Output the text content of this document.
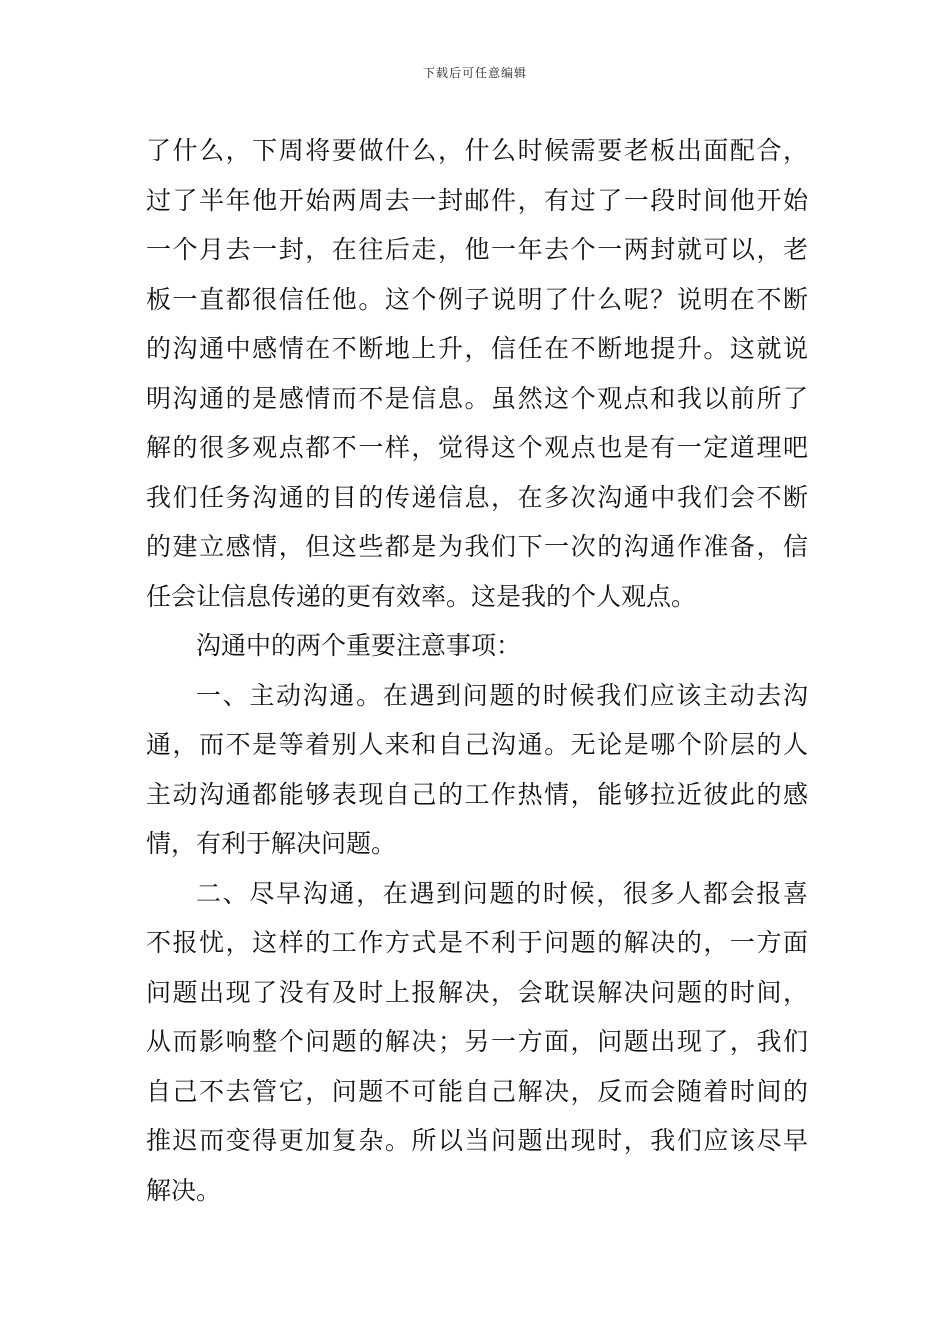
下载后可任意编辑
了什么，下周将要做什么，什么时候需要老板出面配合，
过了半年他开始两周去一封邮件，有过了一段时间他开始
一个月去一封，在往后走，他一年去个一两封就可以，老
板一直都很信任他。这个例子说明了什么呢？说明在不断
的沟通中感情在不断地上升，信任在不断地提升。这就说
明沟通的是感情而不是信息。虽然这个观点和我以前所了
解的很多观点都不一样，觉得这个观点也是有一定道理吧
我们任务沟通的目的传递信息，在多次沟通中我们会不断
的建立感情，但这些都是为我们下一次的沟通作准备，信
任会让信息传递的更有效率。这是我的个人观点。
沟通中的两个重要注意事项：
一、主动沟通。在遇到问题的时候我们应该主动去沟
通，而不是等着别人来和自己沟通。无论是哪个阶层的人
主动沟通都能够表现自己的工作热情，能够拉近彼此的感
情，有利于解决问题。
二、尽早沟通，在遇到问题的时候，很多人都会报喜
不报忧，这样的工作方式是不利于问题的解决的，一方面
问题出现了没有及时上报解决，会耽误解决问题的时间，
从而影响整个问题的解决；另一方面，问题出现了，我们
自己不去管它，问题不可能自己解决，反而会随着时间的
推迟而变得更加复杂。所以当问题出现时，我们应该尽早
解决。
